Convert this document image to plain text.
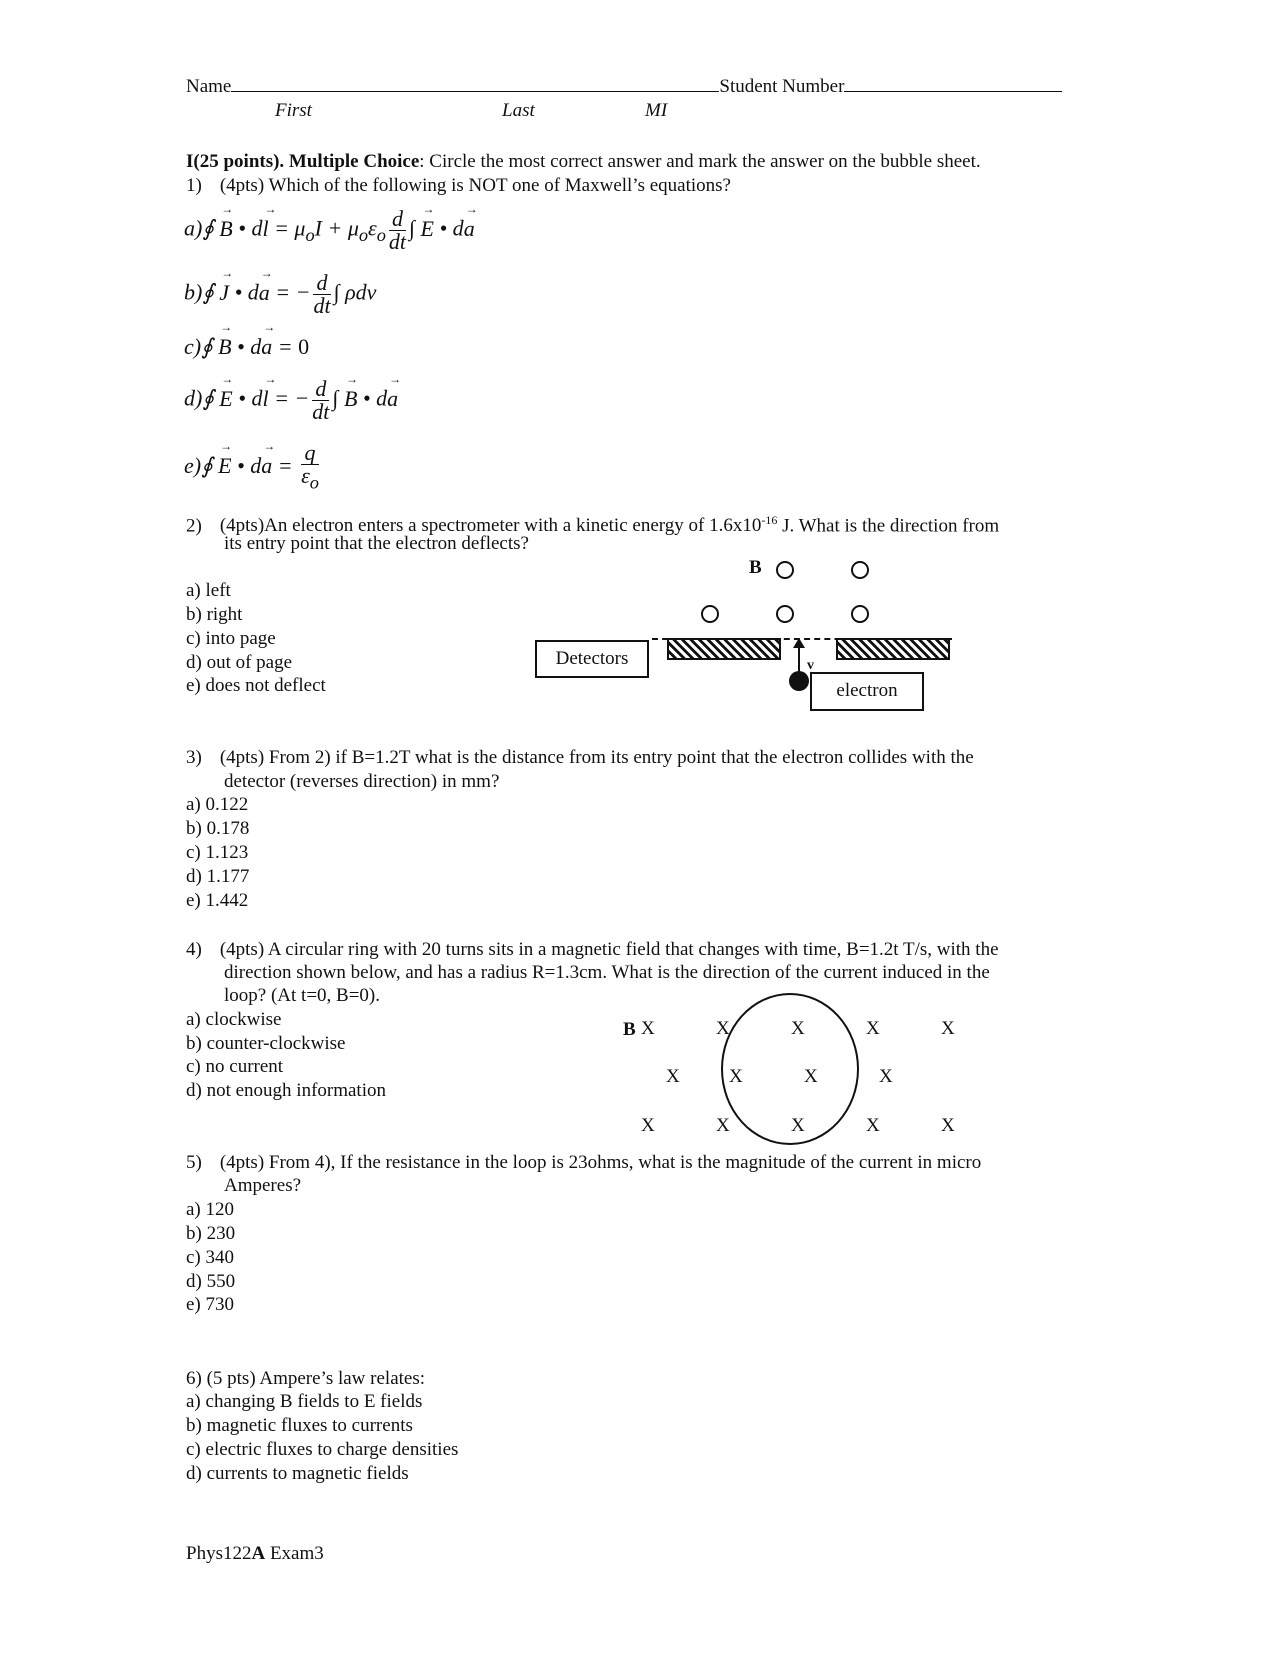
Name	Student Number
First	Last	MI
I(25 points). Multiple Choice: Circle the most correct answer and mark the answer on the bubble sheet.
1) (4pts) Which of the following is NOT one of Maxwell’s equations?
a)∮ → B • $d\to l = \mu_oI + \mu_o\varepsilon_o \frac{d}{dt}$ ∫ → E • d→ a
b)∮ → J • d→ a = − $\frac{d}{dt}$ ∫ ρdv
c)∮ → B • d→ a = 0
d)∮ → E • d→ l = − $\frac{d}{dt}$ ∫ → B • d→ a
e)∮ → E • $d\to a = \frac{q}{\varepsilon_o}$
2) (4pts)An electron enters a spectrometer with a kinetic energy of $1.6x10^{-16}$ J. What is the direction from
its entry point that the electron deflects?
a) left
b) right
c) into page
d) out of page
e) does not deflect
B
Detectors	v
electron
3) (4pts) From 2) if B=1.2T what is the distance from its entry point that the electron collides with the
detector (reverses direction) in mm?
a) 0.122
b) 0.178
c) 1.123
d) 1.177
e) 1.442
4) (4pts) A circular ring with 20 turns sits in a magnetic field that changes with time, B=1.2t T/s, with the
direction shown below, and has a radius R=1.3cm. What is the direction of the current induced in the
loop? (At t=0, B=0).
a) clockwise
b) counter-clockwise
c) no current
d) not enough information
B X	X	X	X	X
X	X	X	X
X	X	X	X	X
5) (4pts) From 4), If the resistance in the loop is 23ohms, what is the magnitude of the current in micro
Amperes?
a) 120
b) 230
c) 340
d) 550
e) 730
6) (5 pts) Ampere’s law relates:
a) changing B fields to E fields
b) magnetic fluxes to currents
c) electric fluxes to charge densities
d) currents to magnetic fields
Phys122A Exam3
